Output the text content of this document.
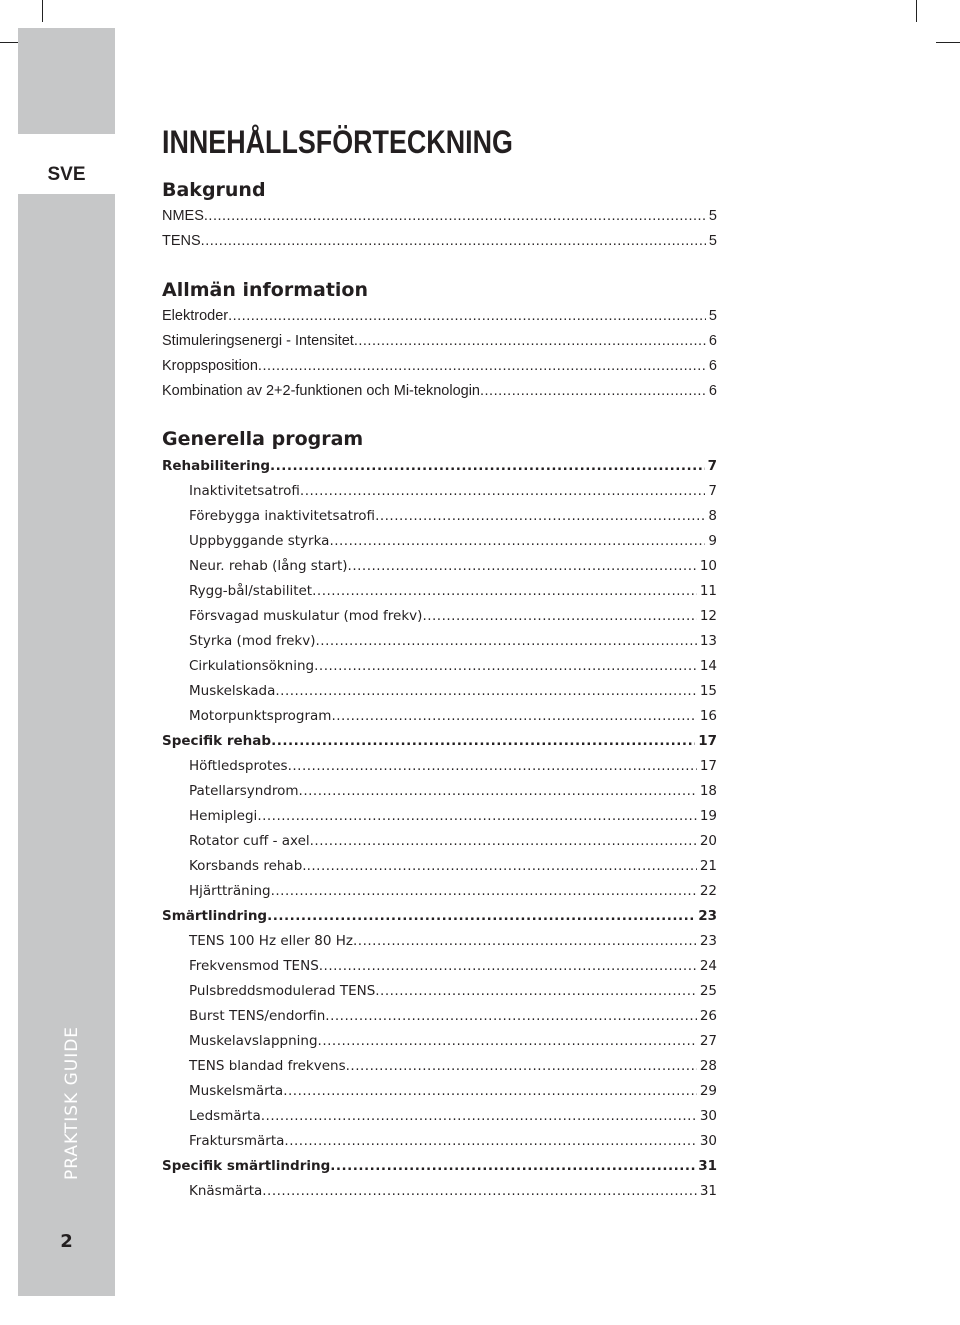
SVE
PRAKTISK GUIDE
2
INNEHÅLLSFÖRTECKNING
Bakgrund
NMES .....	5
TENS .....	5
Allmän information
Elektroder .....	5
Stimuleringsenergi - Intensitet .....	6
Kroppsposition .....	6
Kombination av 2+2-funktionen och Mi-teknologin .....	6
Generella program
Rehabilitering .....	7
Inaktivitetsatrofi .....	7
Förebygga inaktivitetsatrofi .....	8
Uppbyggande styrka .....	9
Neur. rehab (lång start) .....	10
Rygg-bål/stabilitet .....	11
Försvagad muskulatur (mod frekv) .....	12
Styrka (mod frekv) .....	13
Cirkulationsökning .....	14
Muskelskada .....	15
Motorpunktsprogram .....	16
Specifik rehab .....	17
Höftledsprotes .....	17
Patellarsyndrom .....	18
Hemiplegi .....	19
Rotator cuff - axel .....	20
Korsbands rehab. .....	21
Hjärtträning .....	22
Smärtlindring .....	23
TENS 100 Hz eller 80 Hz .....	23
Frekvensmod TENS .....	24
Pulsbreddsmodulerad TENS .....	25
Burst TENS/endorfin .....	26
Muskelavslappning .....	27
TENS blandad frekvens .....	28
Muskelsmärta .....	29
Ledsmärta .....	30
Fraktursmärta .....	30
Specifik smärtlindring .....	31
Knäsmärta .....	31
